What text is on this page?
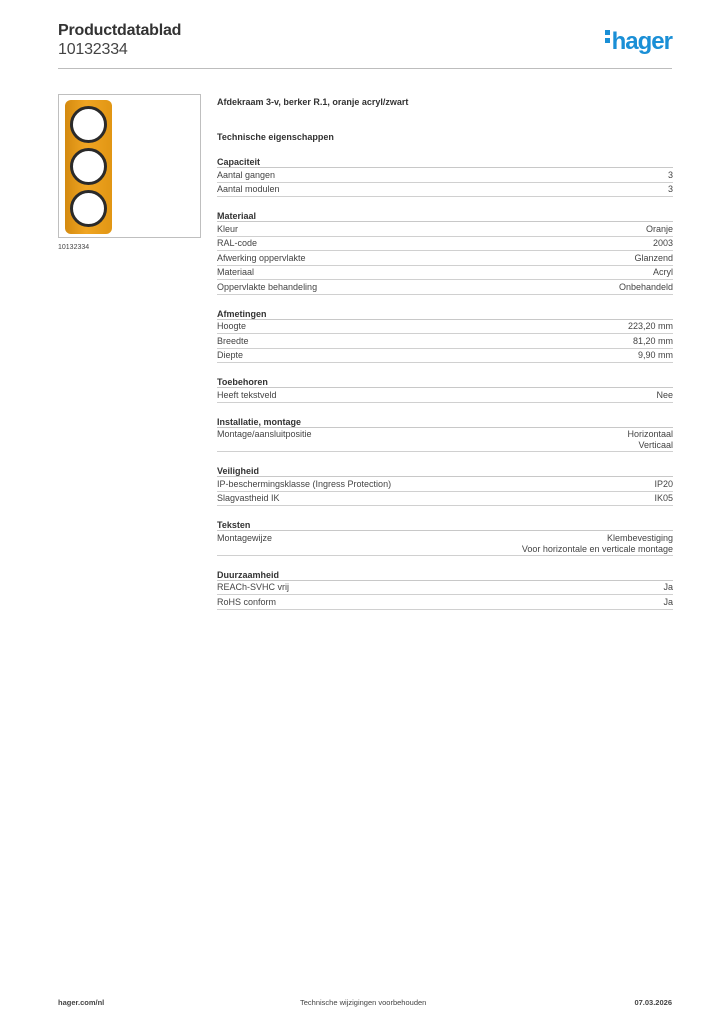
Productdatablad
10132334	hager
10132334
Afdekraam 3-v, berker R.1, oranje acryl/zwart
Technische eigenschappen
Capaciteit
Aantal gangen	3
Aantal modulen	3
Materiaal
Kleur	Oranje
RAL-code	2003
Afwerking oppervlakte	Glanzend
Materiaal	Acryl
Oppervlakte behandeling	Onbehandeld
Afmetingen
Hoogte	223,20 mm
Breedte	81,20 mm
Diepte	9,90 mm
Toebehoren
Heeft tekstveld	Nee
Installatie, montage
Montage/aansluitpositie	Horizontaal
Verticaal
Veiligheid
IP-beschermingsklasse (Ingress Protection)	IP20
Slagvastheid IK	IK05
Teksten
Montagewijze	Klembevestiging
Voor horizontale en verticale montage
Duurzaamheid
REACh-SVHC vrij	Ja
RoHS conform	Ja
hager.com/nl	Technische wijzigingen voorbehouden	07.03.2026
